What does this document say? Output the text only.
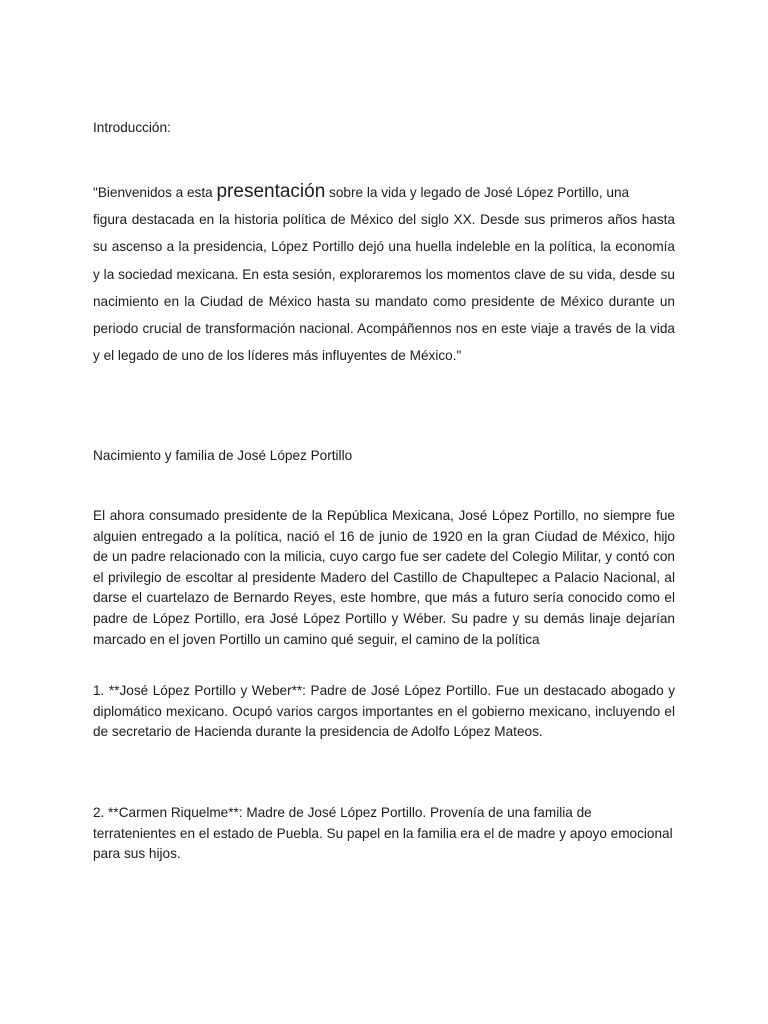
Introducción:

"Bienvenidos a esta presentación sobre la vida y legado de José López Portillo, una
figura destacada en la historia política de México del siglo XX. Desde sus primeros años hasta su ascenso a la presidencia, López Portillo dejó una huella indeleble en la política, la economía y la sociedad mexicana. En esta sesión, exploraremos los momentos clave de su vida, desde su nacimiento en la Ciudad de México hasta su mandato como presidente de México durante un periodo crucial de transformación nacional. Acompáñennos nos en este viaje a través de la vida y el legado de uno de los líderes más influyentes de México."

Nacimiento y familia de José López Portillo

El ahora consumado presidente de la República Mexicana, José López Portillo, no siempre fue alguien entregado a la política, nació el 16 de junio de 1920 en la gran Ciudad de México, hijo de un padre relacionado con la milicia, cuyo cargo fue ser cadete del Colegio Militar, y contó con el privilegio de escoltar al presidente Madero del Castillo de Chapultepec a Palacio Nacional, al darse el cuartelazo de Bernardo Reyes, este hombre, que más a futuro sería conocido como el padre de López Portillo, era José López Portillo y Wéber. Su padre y su demás linaje dejarían marcado en el joven Portillo un camino qué seguir, el camino de la política

1. **José López Portillo y Weber**: Padre de José López Portillo. Fue un destacado abogado y diplomático mexicano. Ocupó varios cargos importantes en el gobierno mexicano, incluyendo el de secretario de Hacienda durante la presidencia de Adolfo López Mateos.

2. **Carmen Riquelme**: Madre de José López Portillo. Provenía de una familia de terratenientes en el estado de Puebla. Su papel en la familia era el de madre y apoyo emocional para sus hijos.
